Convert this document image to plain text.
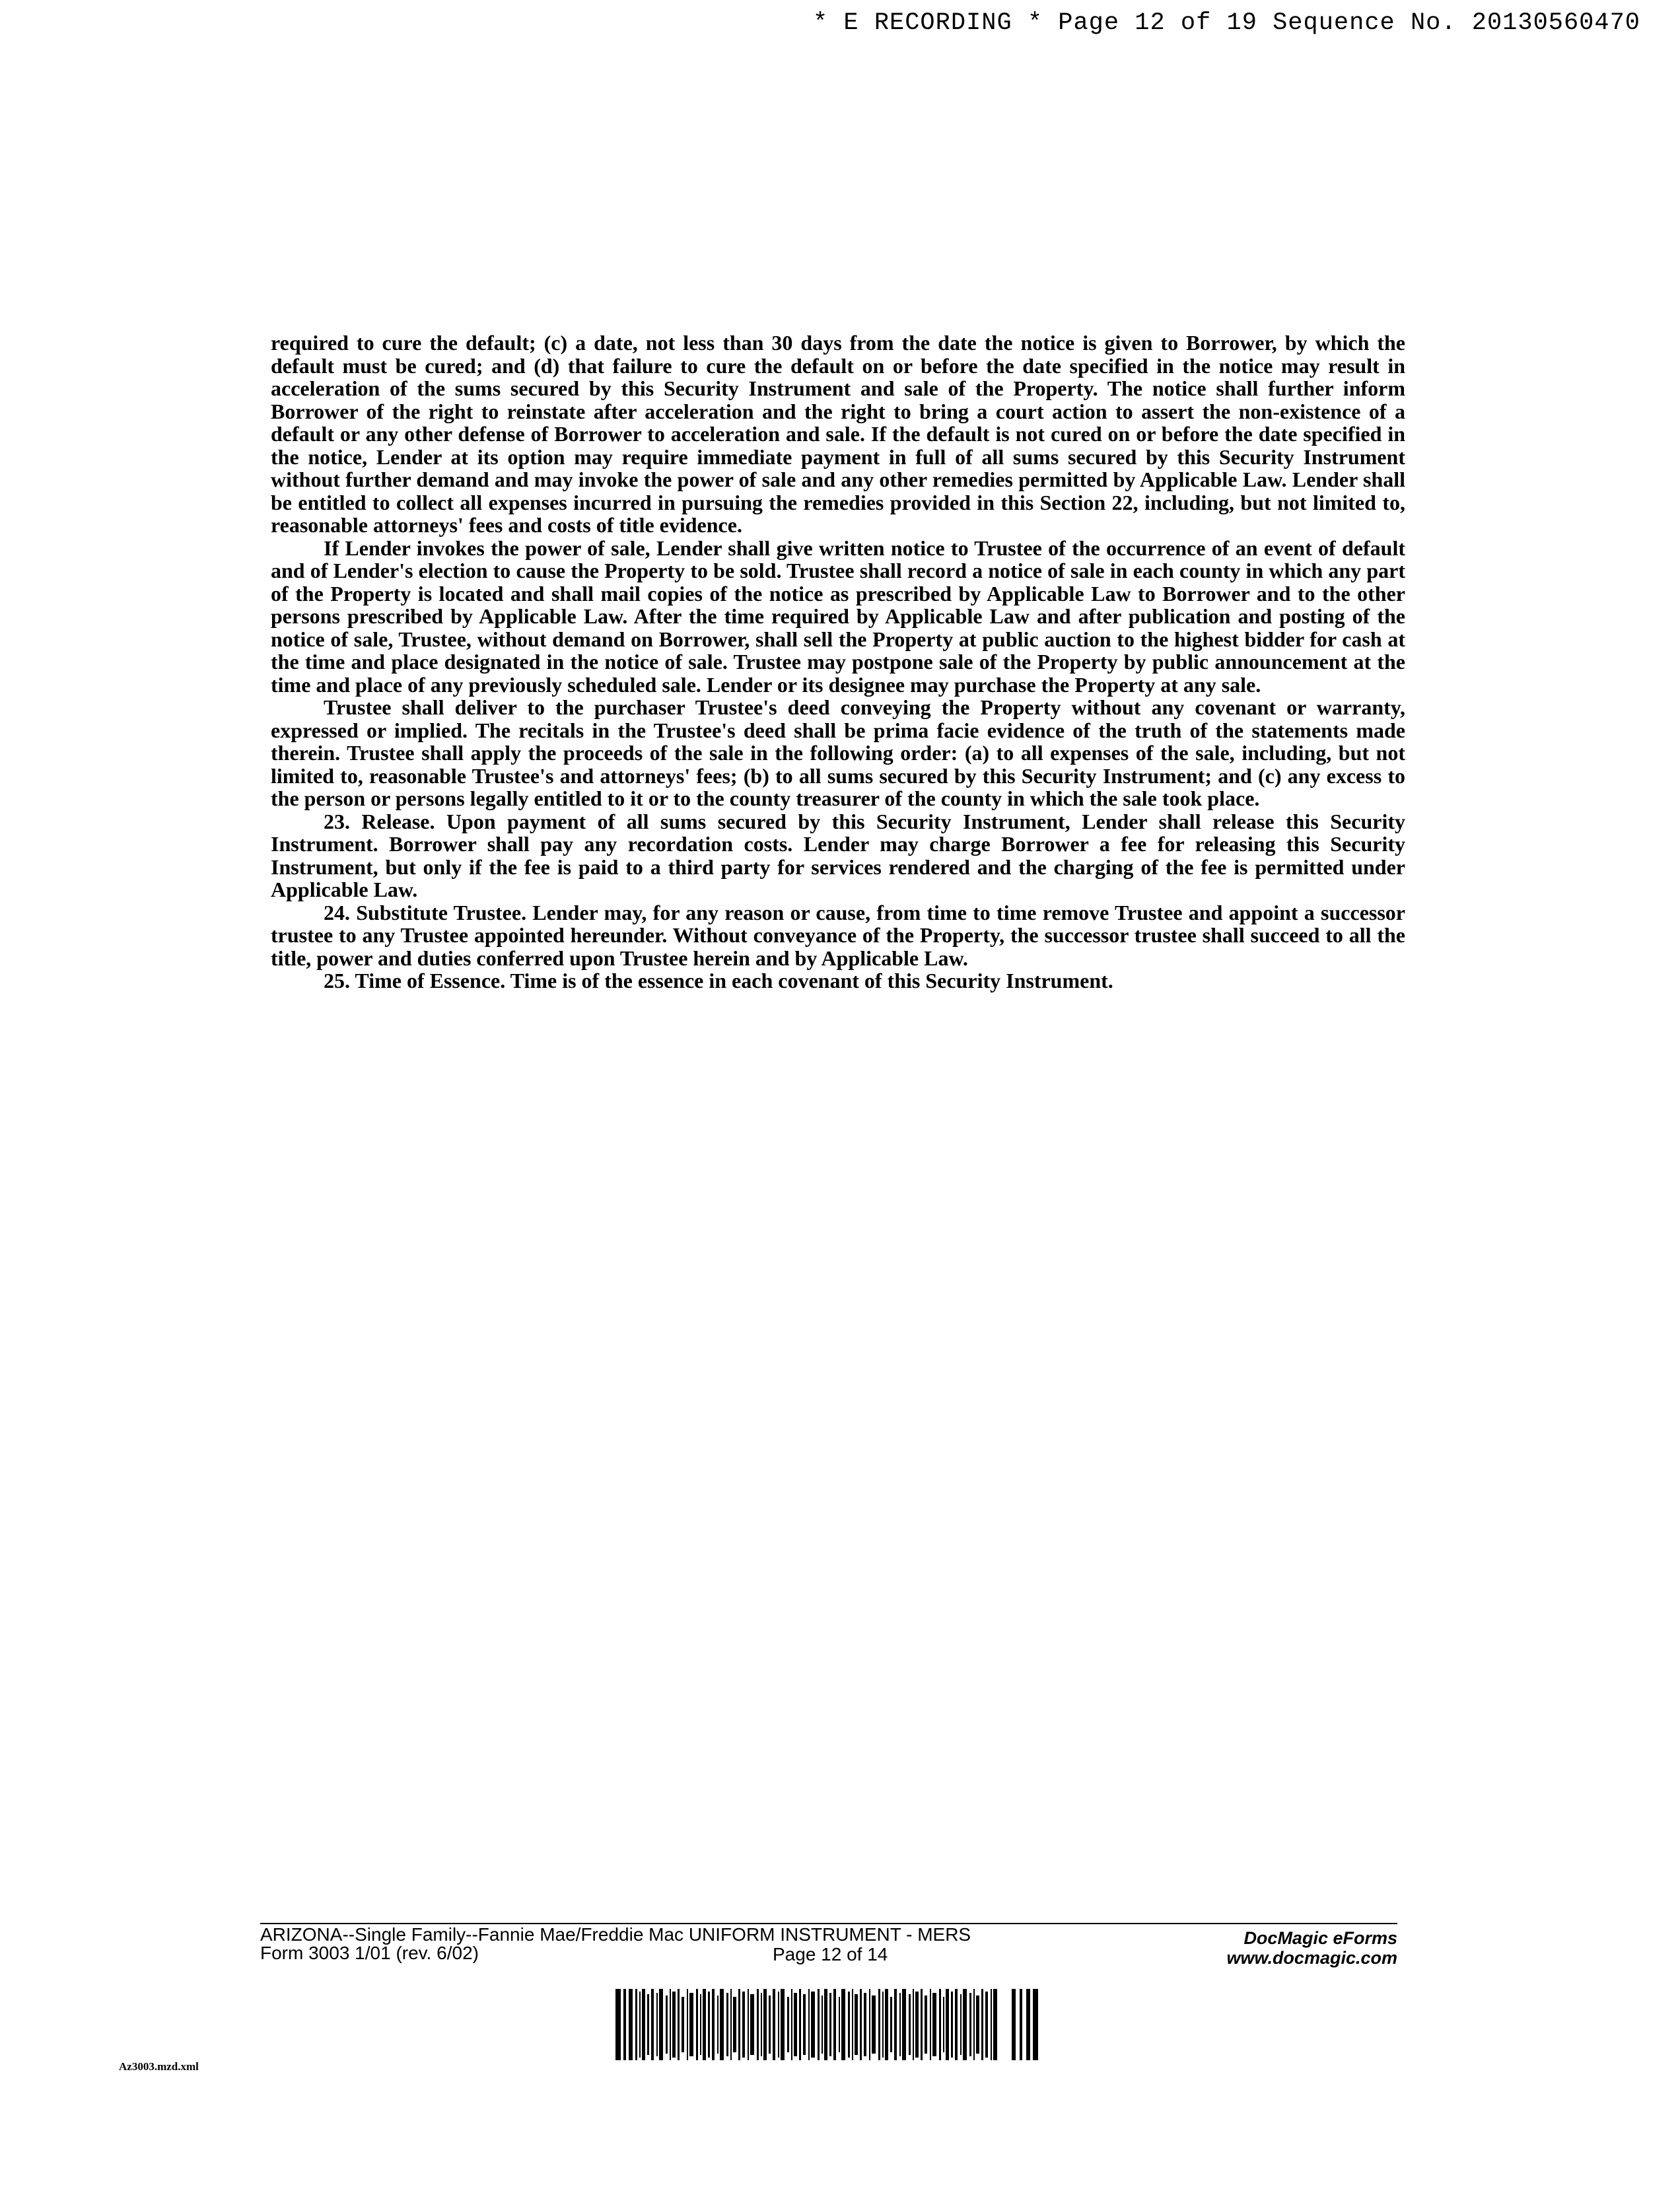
* E RECORDING * Page 12 of 19 Sequence No. 20130560470

required to cure the default; (c) a date, not less than 30 days from the date the notice is given to Borrower, by which the default must be cured; and (d) that failure to cure the default on or before the date specified in the notice may result in acceleration of the sums secured by this Security Instrument and sale of the Property. The notice shall further inform Borrower of the right to reinstate after acceleration and the right to bring a court action to assert the non-existence of a default or any other defense of Borrower to acceleration and sale. If the default is not cured on or before the date specified in the notice, Lender at its option may require immediate payment in full of all sums secured by this Security Instrument without further demand and may invoke the power of sale and any other remedies permitted by Applicable Law. Lender shall be entitled to collect all expenses incurred in pursuing the remedies provided in this Section 22, including, but not limited to, reasonable attorneys' fees and costs of title evidence.

If Lender invokes the power of sale, Lender shall give written notice to Trustee of the occurrence of an event of default and of Lender's election to cause the Property to be sold. Trustee shall record a notice of sale in each county in which any part of the Property is located and shall mail copies of the notice as prescribed by Applicable Law to Borrower and to the other persons prescribed by Applicable Law. After the time required by Applicable Law and after publication and posting of the notice of sale, Trustee, without demand on Borrower, shall sell the Property at public auction to the highest bidder for cash at the time and place designated in the notice of sale. Trustee may postpone sale of the Property by public announcement at the time and place of any previously scheduled sale. Lender or its designee may purchase the Property at any sale.

Trustee shall deliver to the purchaser Trustee's deed conveying the Property without any covenant or warranty, expressed or implied. The recitals in the Trustee's deed shall be prima facie evidence of the truth of the statements made therein. Trustee shall apply the proceeds of the sale in the following order: (a) to all expenses of the sale, including, but not limited to, reasonable Trustee's and attorneys' fees; (b) to all sums secured by this Security Instrument; and (c) any excess to the person or persons legally entitled to it or to the county treasurer of the county in which the sale took place.

23. Release. Upon payment of all sums secured by this Security Instrument, Lender shall release this Security Instrument. Borrower shall pay any recordation costs. Lender may charge Borrower a fee for releasing this Security Instrument, but only if the fee is paid to a third party for services rendered and the charging of the fee is permitted under Applicable Law.

24. Substitute Trustee. Lender may, for any reason or cause, from time to time remove Trustee and appoint a successor trustee to any Trustee appointed hereunder. Without conveyance of the Property, the successor trustee shall succeed to all the title, power and duties conferred upon Trustee herein and by Applicable Law.

25. Time of Essence. Time is of the essence in each covenant of this Security Instrument.

ARIZONA--Single Family--Fannie Mae/Freddie Mac UNIFORM INSTRUMENT - MERS
Form 3003 1/01 (rev. 6/02)	Page 12 of 14
DocMagic eForms
www.docmagic.com
Az3003.mzd.xml
